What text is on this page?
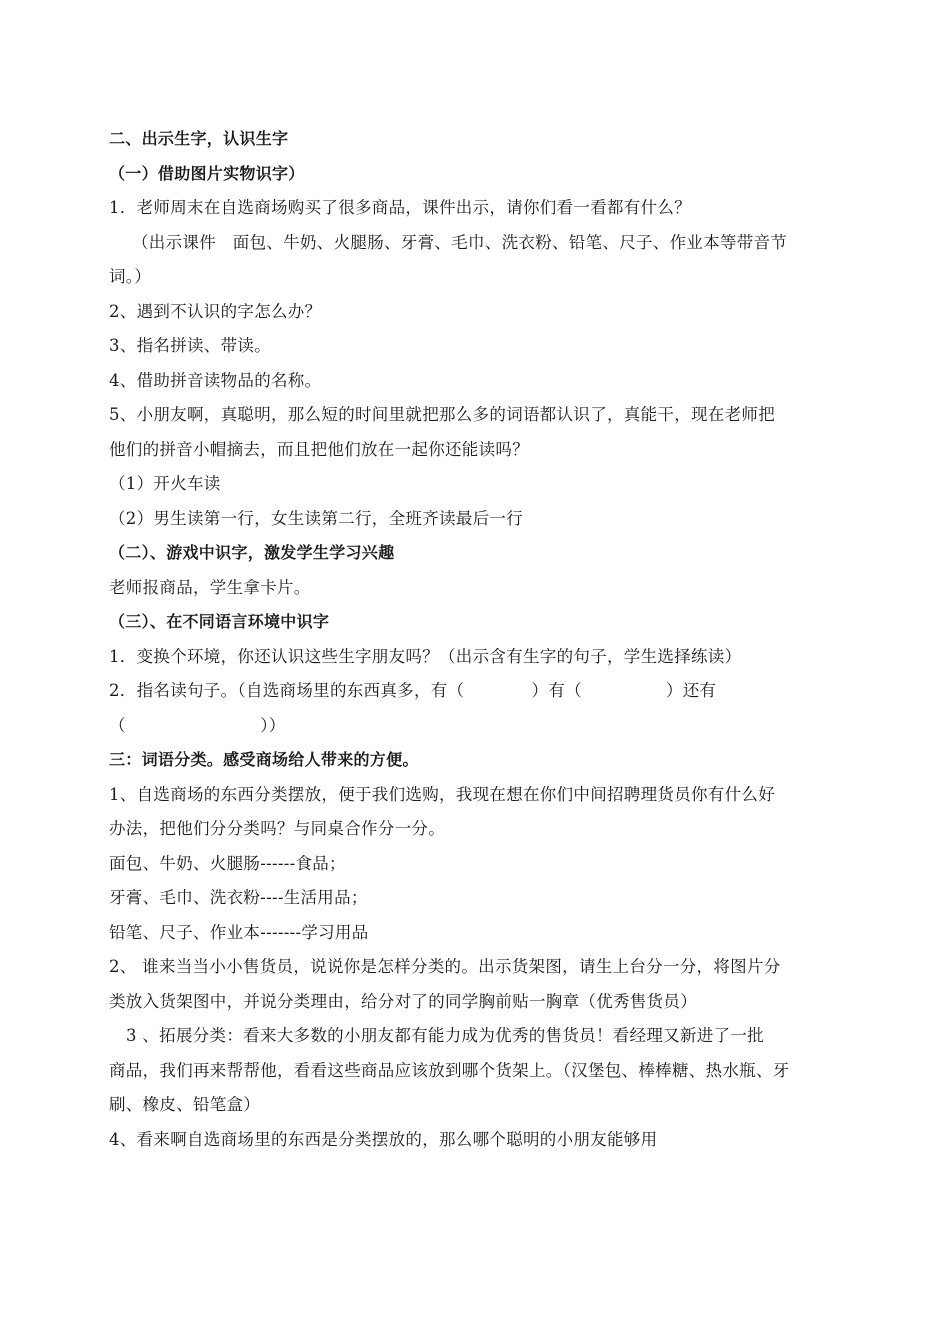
二、出示生字，认识生字
（一）借助图片实物识字）
1．老师周末在自选商场购买了很多商品，课件出示，请你们看一看都有什么？
（出示课件　面包、牛奶、火腿肠、牙膏、毛巾、洗衣粉、铅笔、尺子、作业本等带音节
词。）
2、遇到不认识的字怎么办？
3、指名拼读、带读。
4、借助拼音读物品的名称。
5、小朋友啊，真聪明，那么短的时间里就把那么多的词语都认识了，真能干，现在老师把
他们的拼音小帽摘去，而且把他们放在一起你还能读吗？
（1）开火车读
（2）男生读第一行，女生读第二行，全班齐读最后一行
（二）、游戏中识字，激发学生学习兴趣
老师报商品，学生拿卡片。
（三）、在不同语言环境中识字
1．变换个环境，你还认识这些生字朋友吗？（出示含有生字的句子，学生选择练读）
2．指名读句子。（自选商场里的东西真多，有（　　　　）有（　　　　　）还有
（　　　　　　　　））
三：词语分类。感受商场给人带来的方便。
1、自选商场的东西分类摆放，便于我们选购，我现在想在你们中间招聘理货员你有什么好
办法，把他们分分类吗？与同桌合作分一分。
面包、牛奶、火腿肠------食品；
牙膏、毛巾、洗衣粉----生活用品；
铅笔、尺子、作业本-------学习用品
2、 谁来当当小小售货员，说说你是怎样分类的。出示货架图，请生上台分一分，将图片分
类放入货架图中，并说分类理由，给分对了的同学胸前贴一胸章（优秀售货员）
3 、拓展分类：看来大多数的小朋友都有能力成为优秀的售货员！看经理又新进了一批
商品，我们再来帮帮他，看看这些商品应该放到哪个货架上。（汉堡包、棒棒糖、热水瓶、牙
刷、橡皮、铅笔盒）
4、看来啊自选商场里的东西是分类摆放的，那么哪个聪明的小朋友能够用
